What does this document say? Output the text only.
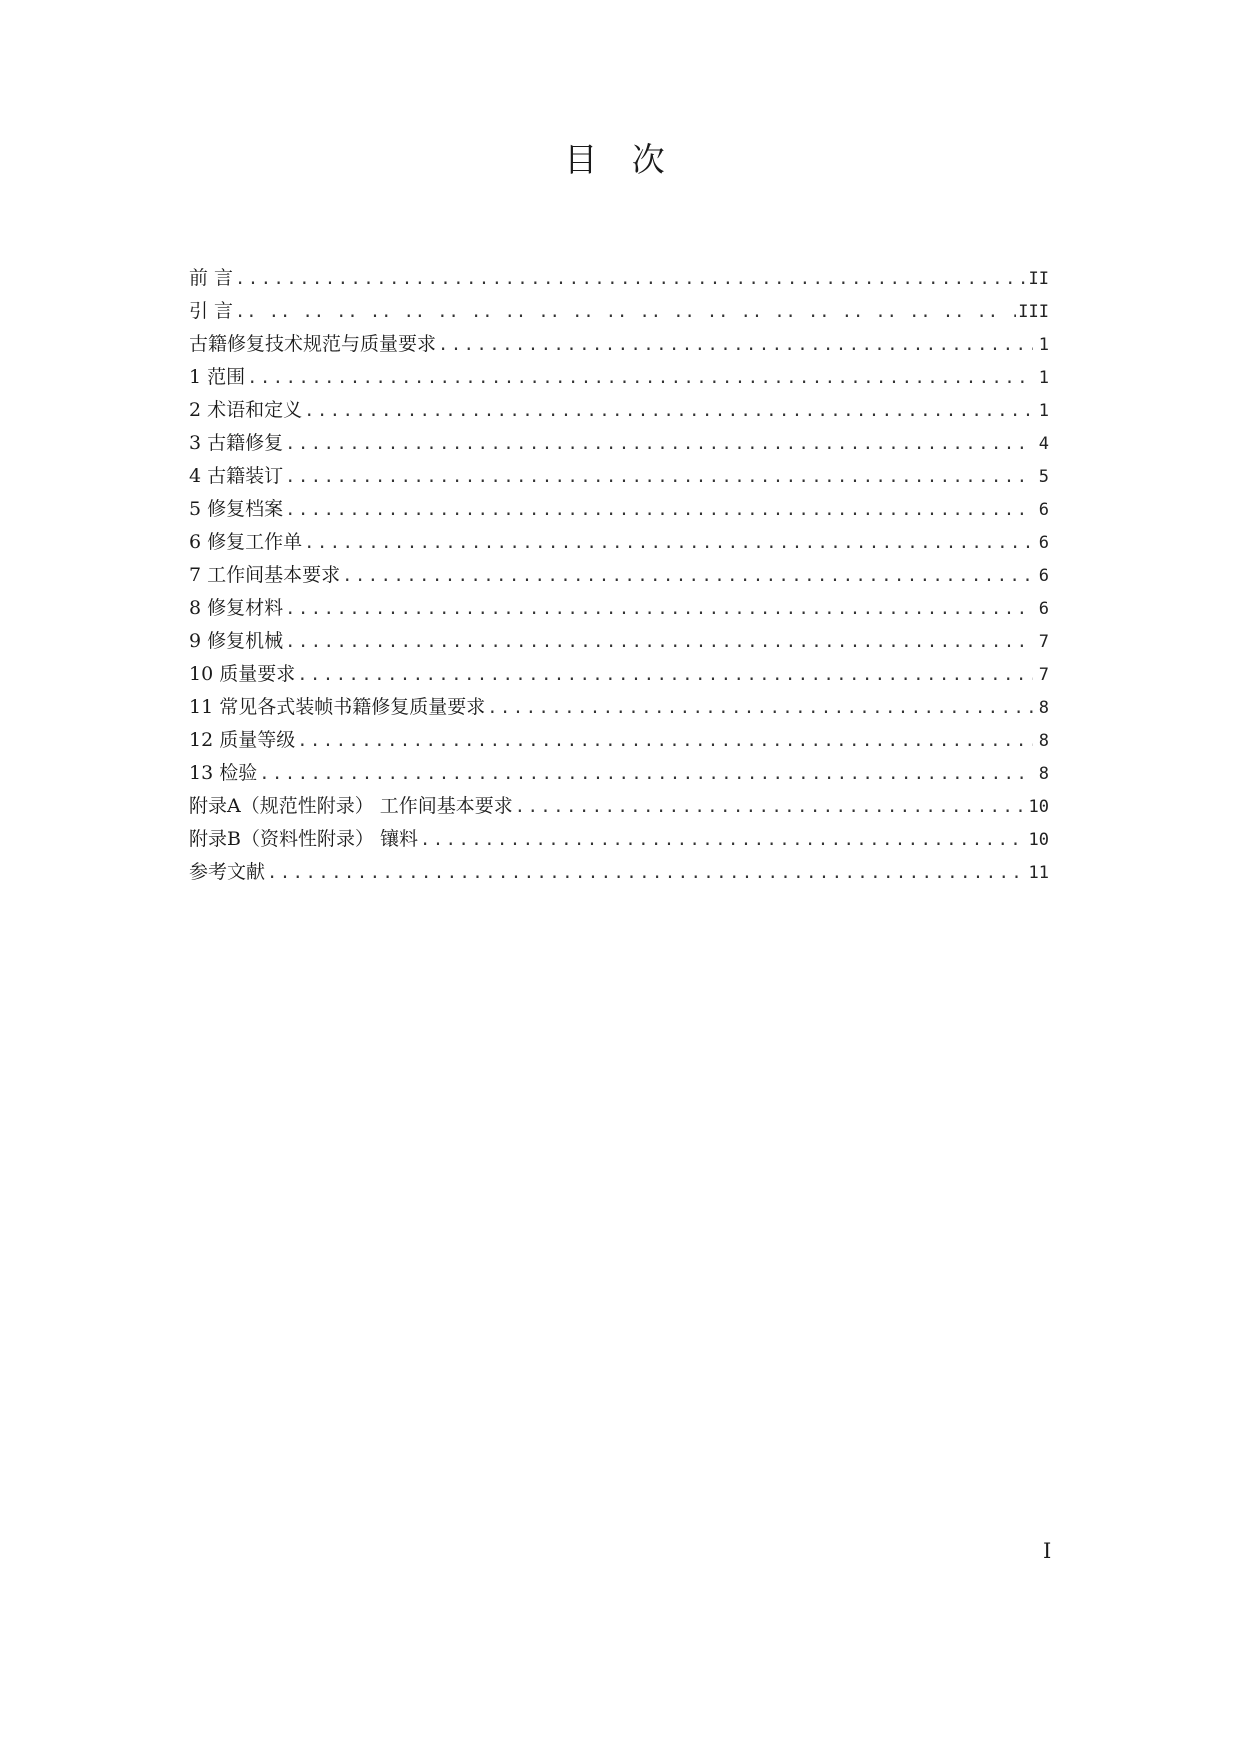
目 次
前 言 .....	II
引 言 .. ..	III
古籍修复技术规范与质量要求 .....	1
1 范围 .....	1
2 术语和定义 .....	1
3 古籍修复 .....	4
4 古籍装订 .....	5
5 修复档案 .....	6
6 修复工作单 .....	6
7 工作间基本要求 .....	6
8 修复材料 .....	6
9 修复机械 .....	7
10 质量要求 .....	7
11 常见各式装帧书籍修复质量要求 .....	8
12 质量等级 .....	8
13 检验 .....	8
附录A（规范性附录） 工作间基本要求 .....	10
附录B（资料性附录） 镶料 .....	10
参考文献 .....	11
I
